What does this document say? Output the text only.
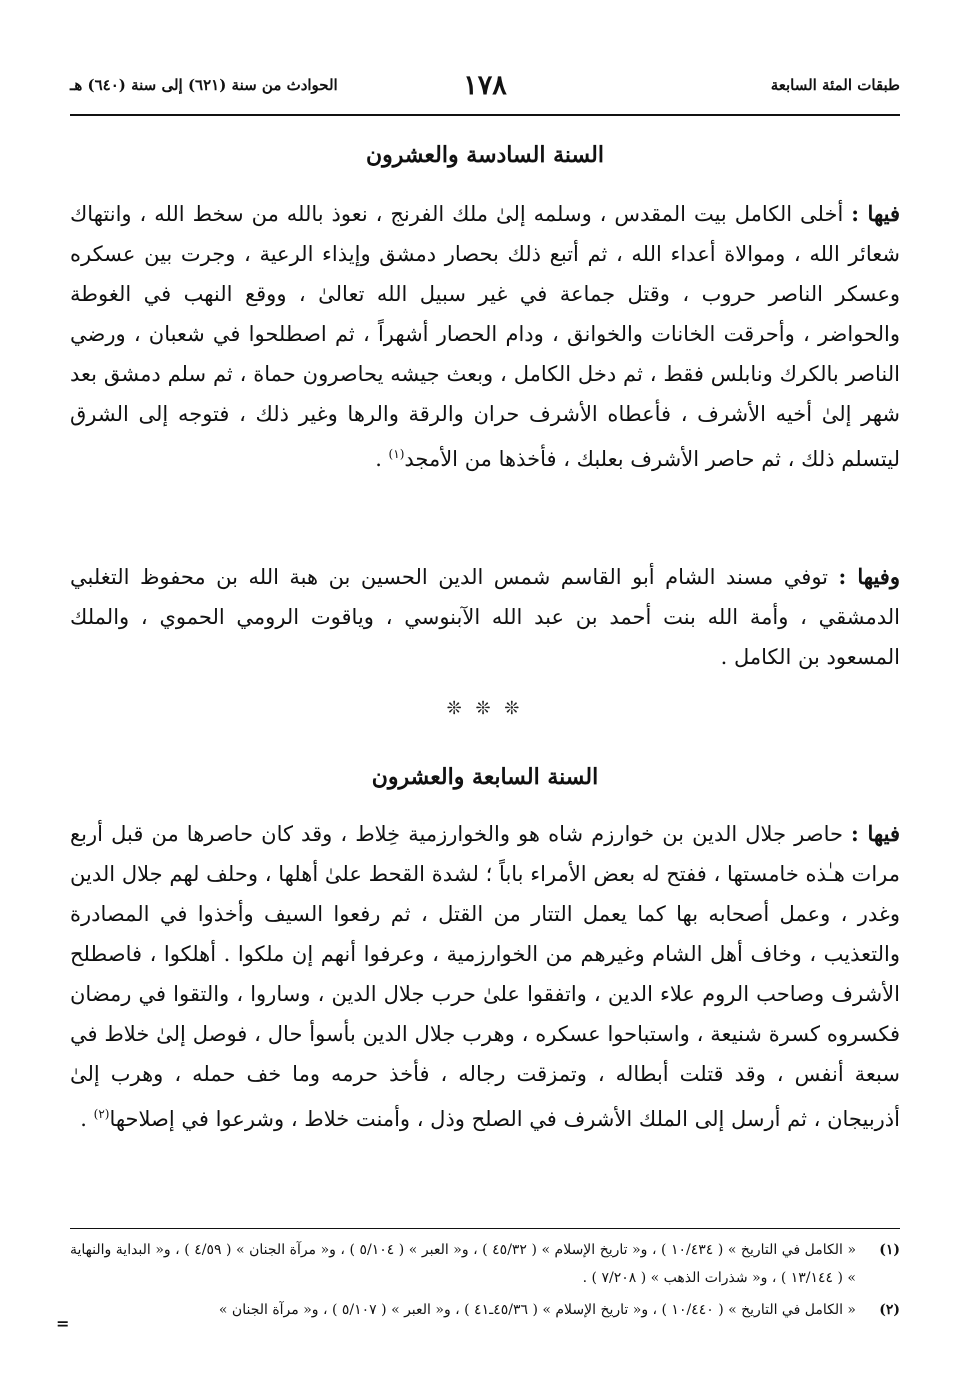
طبقات المئة السابعة
١٧٨
الحوادث من سنة (٦٢١) إلى سنة (٦٤٠) هـ
السنة السادسة والعشرون
فيها : أخلى الكامل بيت المقدس ، وسلمه إلىٰ ملك الفرنج ، نعوذ بالله من سخط الله ، وانتهاك شعائر الله ، وموالاة أعداء الله ، ثم أتبع ذلك بحصار دمشق وإيذاء الرعية ، وجرت بين عسكره وعسكر الناصر حروب ، وقتل جماعة في غير سبيل الله تعالىٰ ، ووقع النهب في الغوطة والحواضر ، وأحرقت الخانات والخوانق ، ودام الحصار أشهراً ، ثم اصطلحوا في شعبان ، ورضي الناصر بالكرك ونابلس فقط ، ثم دخل الكامل ، وبعث جيشه يحاصرون حماة ، ثم سلم دمشق بعد شهر إلىٰ أخيه الأشرف ، فأعطاه الأشرف حران والرقة والرها وغير ذلك ، فتوجه إلى الشرق ليتسلم ذلك ، ثم حاصر الأشرف بعلبك ، فأخذها من الأمجد$^{(١)}$ .
وفيها : توفي مسند الشام أبو القاسم شمس الدين الحسين بن هبة الله بن محفوظ التغلبي الدمشقي ، وأمة الله بنت أحمد بن عبد الله الآبنوسي ، وياقوت الرومي الحموي ، والملك المسعود بن الكامل .
❊ ❊ ❊
السنة السابعة والعشرون
فيها : حاصر جلال الدين بن خوارزم شاه هو والخوارزمية خِلاط ، وقد كان حاصرها من قبل أربع مرات هـٰذه خامستها ، ففتح له بعض الأمراء باباً ؛ لشدة القحط علىٰ أهلها ، وحلف لهم جلال الدين وغدر ، وعمل أصحابه بها كما يعمل التتار من القتل ، ثم رفعوا السيف وأخذوا في المصادرة والتعذيب ، وخاف أهل الشام وغيرهم من الخوارزمية ، وعرفوا أنهم إن ملكوا . أهلكوا ، فاصطلح الأشرف وصاحب الروم علاء الدين ، واتفقوا علىٰ حرب جلال الدين ، وساروا ، والتقوا في رمضان فكسروه كسرة شنيعة ، واستباحوا عسكره ، وهرب جلال الدين بأسوأ حال ، فوصل إلىٰ خلاط في سبعة أنفس ، وقد قتلت أبطاله ، وتمزقت رجاله ، فأخذ حرمه وما خف حمله ، وهرب إلىٰ أذربيجان ، ثم أرسل إلى الملك الأشرف في الصلح وذل ، وأمنت خلاط ، وشرعوا في إصلاحها$^{(٢)}$ .
(١)
« الكامل في التاريخ » ( ١٠/٤٣٤ ) ، و« تاريخ الإسلام » ( ٤٥/٣٢ ) ، و« العبر » ( ٥/١٠٤ ) ، و« مرآة الجنان » ( ٤/٥٩ ) ، و« البداية والنهاية » ( ١٣/١٤٤ ) ، و« شذرات الذهب » ( ٧/٢٠٨ ) .
(٢)
« الكامل في التاريخ » ( ١٠/٤٤٠ ) ، و« تاريخ الإسلام » ( ٤٥/٣٦ـ٤١ ) ، و« العبر » ( ٥/١٠٧ ) ، و« مرآة الجنان »
=
